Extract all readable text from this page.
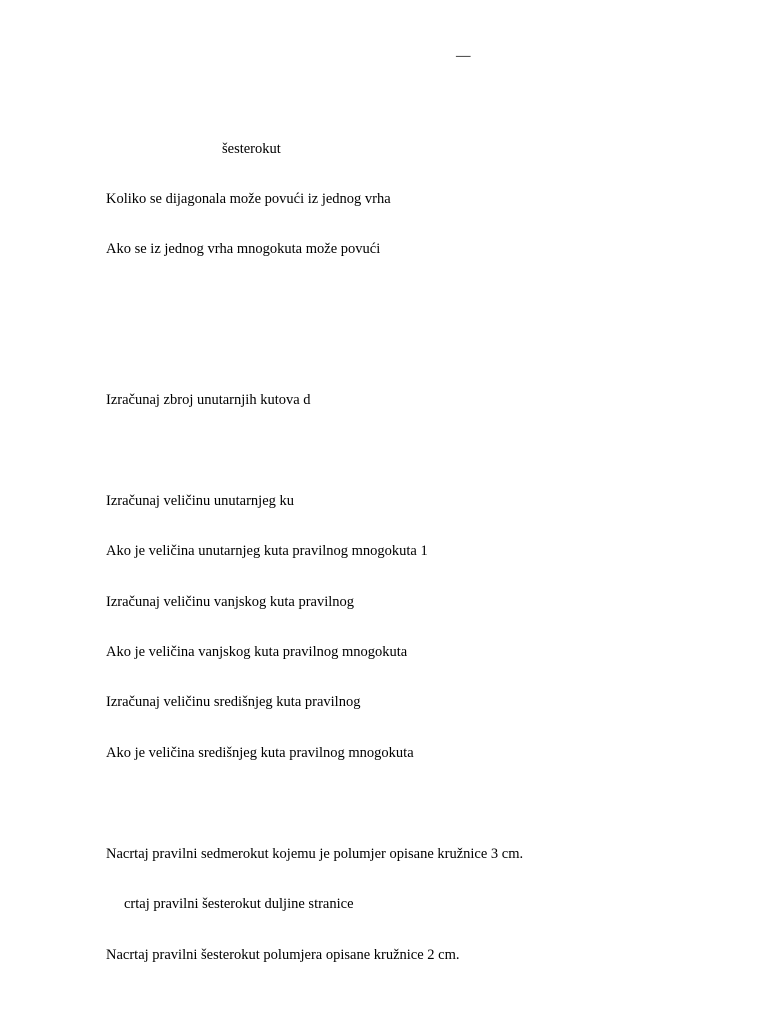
—
šesterokut
Koliko se dijagonala može povući iz jednog vrha
Ako se iz jednog vrha mnogokuta može povući
Izračunaj zbroj unutarnjih kutova d
Izračunaj veličinu unutarnjeg ku
Ako je veličina unutarnjeg kuta pravilnog mnogokuta 1
Izračunaj veličinu vanjskog kuta pravilnog
Ako je veličina vanjskog kuta pravilnog mnogokuta
Izračunaj veličinu središnjeg kuta pravilnog
Ako je veličina središnjeg kuta pravilnog mnogokuta
Nacrtaj pravilni sedmerokut kojemu je polumjer opisane kružnice 3 cm.
crtaj pravilni šesterokut duljine stranice
Nacrtaj pravilni šesterokut polumjera opisane kružnice 2 cm.
